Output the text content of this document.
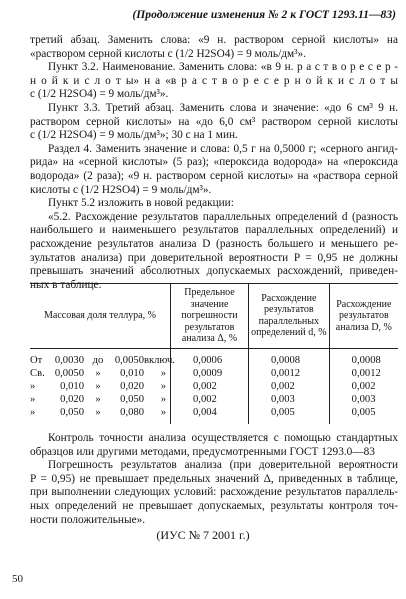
(Продолжение изменения № 2 к ГОСТ 1293.11—83)
третий абзац. Заменить слова: «9 н. раствором серной кислоты» на
«раствором серной кислоты c (1/2 H2SO4) = 9 моль/дм³».
Пункт 3.2. Наименование. Заменить слова: «в 9 н. р а с т в о р е с е р -
н о й к и с л о т ы» н а «в р а с т в о р е с е р н о й к и с л о т ы
c (1/2 H2SO4) = 9 моль/дм³».
Пункт 3.3. Третий абзац. Заменить слова и значение: «до 6 см³ 9 н.
раствором серной кислоты» на «до 6,0 см³ раствором серной кислоты
c (1/2 H2SO4) = 9 моль/дм³»; 30 с на 1 мин.
Раздел 4. Заменить значение и слова: 0,5 г на 0,5000 г; «серного ангид-
рида» на «серной кислоты» (5 раз); «пероксида водорода» на «пероксида
водорода» (2 раза); «9 н. раствором серной кислоты» на «раствора серной
кислоты c (1/2 H2SO4) = 9 моль/дм³».
Пункт 5.2 изложить в новой редакции:
«5.2. Расхождение результатов параллельных определений d (разность
наибольшего и наименьшего результатов параллельных определений) и
расхождение результатов анализа D (разность большего и меньшего ре-
зультатов анализа) при доверительной вероятности P = 0,95 не должны
превышать значений абсолютных допускаемых расхождений, приведен-
ных в таблице.
Массовая доля теллура, %	Предельное значение погрешности результатов анализа Δ, %	Расхождение результатов параллельных определений d, %	Расхождение результатов анализа D, %
От 0,0030 до 0,0050включ.	0,0006	0,0008	0,0008
Св. 0,0050 » 0,010 »	0,0009	0,0012	0,0012
» 0,010 » 0,020 »	0,002	0,002	0,002
» 0,020 » 0,050 »	0,002	0,003	0,003
» 0,050 » 0,080 »	0,004	0,005	0,005
Контроль точности анализа осуществляется с помощью стандартных
образцов или другими методами, предусмотренными ГОСТ 1293.0—83
Погрешность результатов анализа (при доверительной вероятности
P = 0,95) не превышает предельных значений Δ, приведенных в таблице,
при выполнении следующих условий: расхождение результатов параллель-
ных определений не превышает допускаемых, результаты контроля точ-
ности положительные».
(ИУС № 7 2001 г.)
50
